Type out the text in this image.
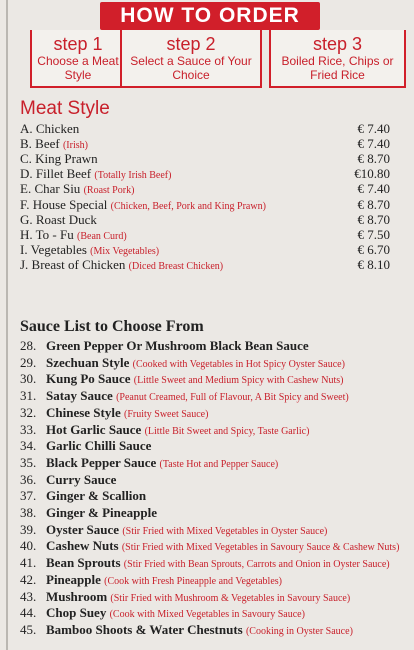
HOW TO ORDER
step 1
Choose a Meat Style
step 2
Select a Sauce of Your Choice
step 3
Boiled Rice, Chips or Fried Rice
Meat Style
A. Chicken	€ 7.40
B. Beef (Irish)	€ 7.40
C. King Prawn	€ 8.70
D. Fillet Beef (Totally Irish Beef)	€10.80
E. Char Siu (Roast Pork)	€ 7.40
F. House Special (Chicken, Beef, Pork and King Prawn)	€ 8.70
G. Roast Duck	€ 8.70
H. To - Fu (Bean Curd)	€ 7.50
I. Vegetables (Mix Vegetables)	€ 6.70
J. Breast of Chicken (Diced Breast Chicken)	€ 8.10
Sauce List to Choose From
28. Green Pepper Or Mushroom Black Bean Sauce
29. Szechuan Style (Cooked with Vegetables in Hot Spicy Oyster Sauce)
30. Kung Po Sauce (Little Sweet and Medium Spicy with Cashew Nuts)
31. Satay Sauce (Peanut Creamed, Full of Flavour, A Bit Spicy and Sweet)
32. Chinese Style (Fruity Sweet Sauce)
33. Hot Garlic Sauce (Little Bit Sweet and Spicy, Taste Garlic)
34. Garlic Chilli Sauce
35. Black Pepper Sauce (Taste Hot and Pepper Sauce)
36. Curry Sauce
37. Ginger & Scallion
38. Ginger & Pineapple
39. Oyster Sauce (Stir Fried with Mixed Vegetables in Oyster Sauce)
40. Cashew Nuts (Stir Fried with Mixed Vegetables in Savoury Sauce & Cashew Nuts)
41. Bean Sprouts (Stir Fried with Bean Sprouts, Carrots and Onion in Oyster Sauce)
42. Pineapple (Cook with Fresh Pineapple and Vegetables)
43. Mushroom (Stir Fried with Mushroom & Vegetables in Savoury Sauce)
44. Chop Suey (Cook with Mixed Vegetables in Savoury Sauce)
45. Bamboo Shoots & Water Chestnuts (Cooking in Oyster Sauce)
